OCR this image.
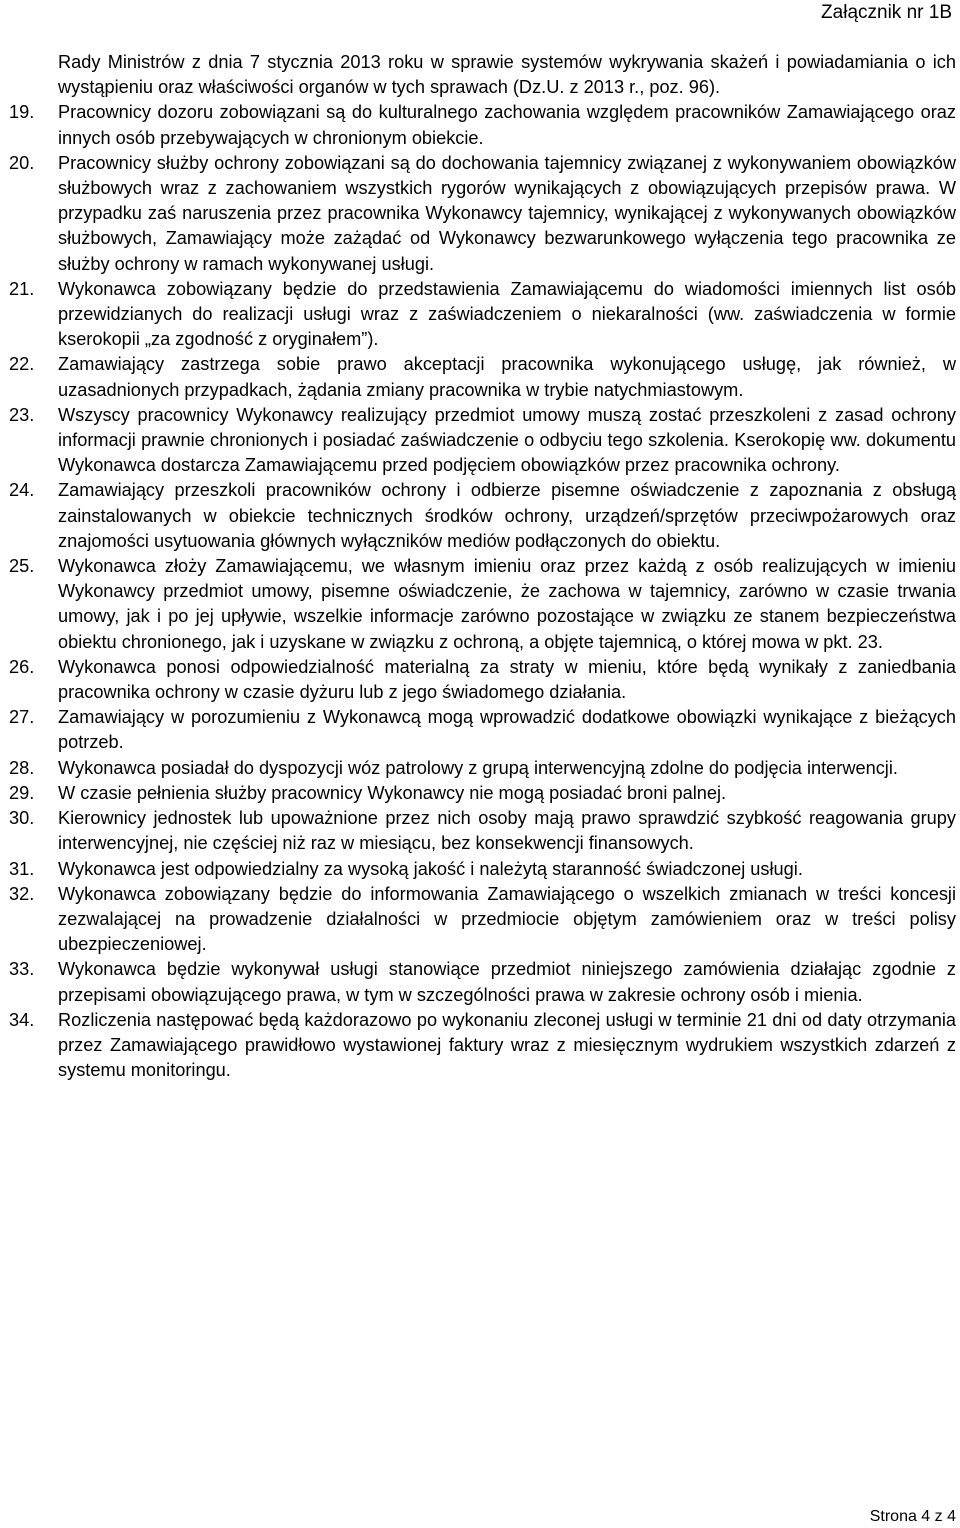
Załącznik nr 1B

Rady Ministrów z dnia 7 stycznia 2013 roku w sprawie systemów wykrywania skażeń i powiadamiania o ich wystąpieniu oraz właściwości organów w tych sprawach (Dz.U. z 2013 r., poz. 96).

19.	Pracownicy dozoru zobowiązani są do kulturalnego zachowania względem pracowników Zamawiającego oraz innych osób przebywających w chronionym obiekcie.

20.	Pracownicy służby ochrony zobowiązani są do dochowania tajemnicy związanej z wykonywaniem obowiązków służbowych wraz z zachowaniem wszystkich rygorów wynikających z obowiązujących przepisów prawa. W przypadku zaś naruszenia przez pracownika Wykonawcy tajemnicy, wynikającej z wykonywanych obowiązków służbowych, Zamawiający może zażądać od Wykonawcy bezwarunkowego wyłączenia tego pracownika ze służby ochrony w ramach wykonywanej usługi.

21.	Wykonawca zobowiązany będzie do przedstawienia Zamawiającemu do wiadomości imiennych list osób przewidzianych do realizacji usługi wraz z zaświadczeniem o niekaralności (ww. zaświadczenia w formie kserokopii „za zgodność z oryginałem”).

22.	Zamawiający zastrzega sobie prawo akceptacji pracownika wykonującego usługę, jak również, w uzasadnionych przypadkach, żądania zmiany pracownika w trybie natychmiastowym.

23.	Wszyscy pracownicy Wykonawcy realizujący przedmiot umowy muszą zostać przeszkoleni z zasad ochrony informacji prawnie chronionych i posiadać zaświadczenie o odbyciu tego szkolenia. Kserokopię ww. dokumentu Wykonawca dostarcza Zamawiającemu przed podjęciem obowiązków przez pracownika ochrony.

24.	Zamawiający przeszkoli pracowników ochrony i odbierze pisemne oświadczenie z zapoznania z obsługą zainstalowanych w obiekcie technicznych środków ochrony, urządzeń/sprzętów przeciwpożarowych oraz znajomości usytuowania głównych wyłączników mediów podłączonych do obiektu.

25.	Wykonawca złoży Zamawiającemu, we własnym imieniu oraz przez każdą z osób realizujących w imieniu Wykonawcy przedmiot umowy, pisemne oświadczenie, że zachowa w tajemnicy, zarówno w czasie trwania umowy, jak i po jej upływie, wszelkie informacje zarówno pozostające w związku ze stanem bezpieczeństwa obiektu chronionego, jak i uzyskane w związku z ochroną, a objęte tajemnicą, o której mowa w pkt. 23.

26.	Wykonawca ponosi odpowiedzialność materialną za straty w mieniu, które będą wynikały z zaniedbania pracownika ochrony w czasie dyżuru lub z jego świadomego działania.

27.	Zamawiający w porozumieniu z Wykonawcą mogą wprowadzić dodatkowe obowiązki wynikające z bieżących potrzeb.

28.	Wykonawca posiadał do dyspozycji wóz patrolowy z grupą interwencyjną zdolne do podjęcia interwencji.

29.	W czasie pełnienia służby pracownicy Wykonawcy nie mogą posiadać broni palnej.

30.	Kierownicy jednostek lub upoważnione przez nich osoby mają prawo sprawdzić szybkość reagowania grupy interwencyjnej, nie częściej niż raz w miesiącu, bez konsekwencji finansowych.

31.	Wykonawca jest odpowiedzialny za wysoką jakość i należytą staranność świadczonej usługi.

32.	Wykonawca zobowiązany będzie do informowania Zamawiającego o wszelkich zmianach w treści koncesji zezwalającej na prowadzenie działalności w przedmiocie objętym zamówieniem oraz w treści polisy ubezpieczeniowej.

33.	Wykonawca będzie wykonywał usługi stanowiące przedmiot niniejszego zamówienia działając zgodnie z przepisami obowiązującego prawa, w tym w szczególności prawa w zakresie ochrony osób i mienia.

34.	Rozliczenia następować będą każdorazowo po wykonaniu zleconej usługi w terminie 21 dni od daty otrzymania przez Zamawiającego prawidłowo wystawionej faktury wraz z miesięcznym wydrukiem wszystkich zdarzeń z systemu monitoringu.

Strona 4 z 4
